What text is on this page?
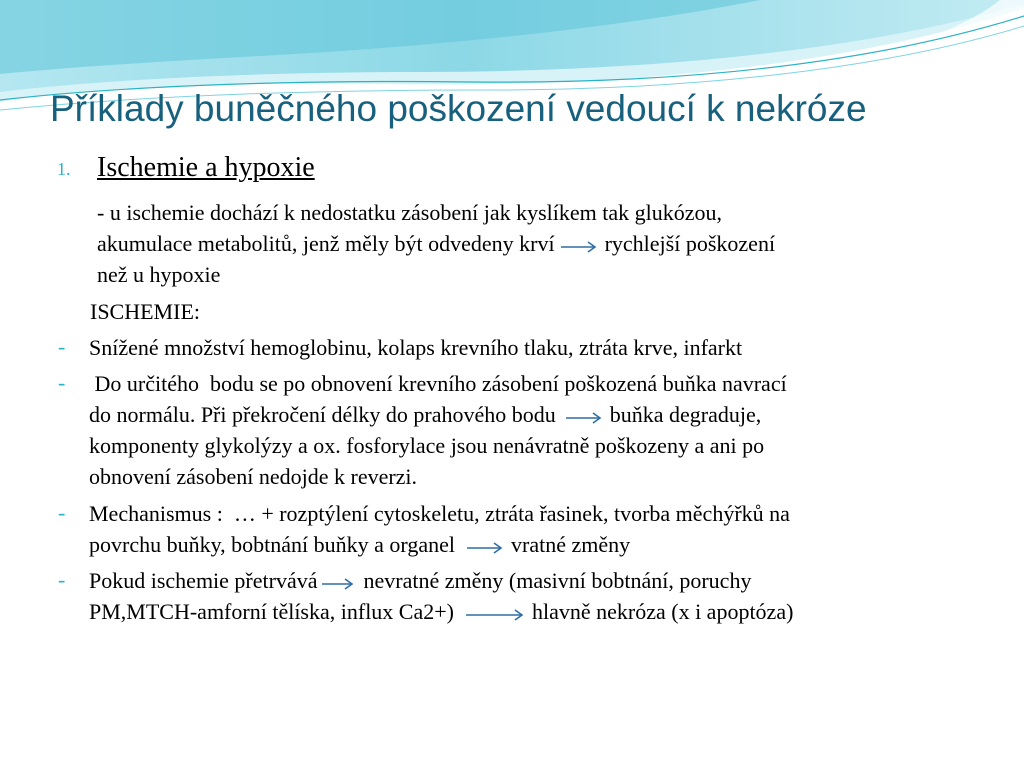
Příklady buněčného poškození vedoucí k nekróze
1. Ischemie a hypoxie
- u ischemie dochází k nedostatku zásobení jak kyslíkem tak glukózou,
akumulace metabolitů, jenž měly být odvedeny krví rychlejší poškození
než u hypoxie
ISCHEMIE:
- Snížené množství hemoglobinu, kolaps krevního tlaku, ztráta krve, infarkt
- Do určitého  bodu se po obnovení krevního zásobení poškozená buňka navrací
do normálu. Při překročení délky do prahového bodu buňka degraduje,
komponenty glykolýzy a ox. fosforylace jsou nenávratně poškozeny a ani po
obnovení zásobení nedojde k reverzi.
- Mechanismus :  … + rozptýlení cytoskeletu, ztráta řasinek, tvorba měchýřků na
povrchu buňky, bobtnání buňky a organel	vratné změny
- Pokud ischemie přetrvává nevratné změny (masivní bobtnání, poruchy
PM,MTCH-amforní tělíska, influx Ca2+)	hlavně nekróza (x i apoptóza)
